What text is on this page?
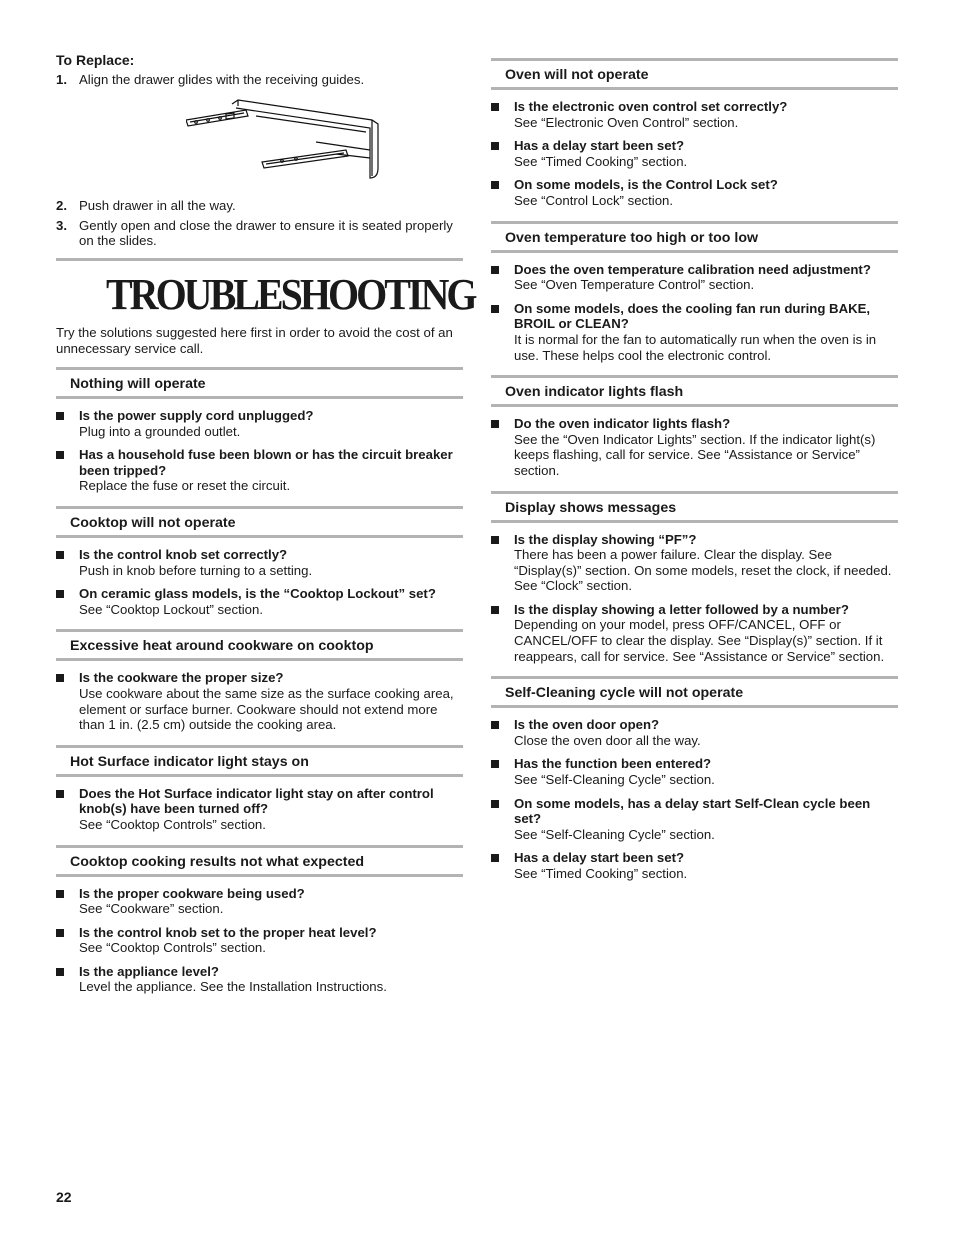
To Replace:
1. Align the drawer glides with the receiving guides.
2. Push drawer in all the way.
3. Gently open and close the drawer to ensure it is seated properly on the slides.
TROUBLESHOOTING
Try the solutions suggested here first in order to avoid the cost of an unnecessary service call.
Nothing will operate
Is the power supply cord unplugged?
Plug into a grounded outlet.
Has a household fuse been blown or has the circuit breaker been tripped?
Replace the fuse or reset the circuit.
Cooktop will not operate
Is the control knob set correctly?
Push in knob before turning to a setting.
On ceramic glass models, is the “Cooktop Lockout” set?
See “Cooktop Lockout” section.
Excessive heat around cookware on cooktop
Is the cookware the proper size?
Use cookware about the same size as the surface cooking area, element or surface burner. Cookware should not extend more than 1 in. (2.5 cm) outside the cooking area.
Hot Surface indicator light stays on
Does the Hot Surface indicator light stay on after control knob(s) have been turned off?
See “Cooktop Controls” section.
Cooktop cooking results not what expected
Is the proper cookware being used?
See “Cookware” section.
Is the control knob set to the proper heat level?
See “Cooktop Controls” section.
Is the appliance level?
Level the appliance. See the Installation Instructions.
Oven will not operate
Is the electronic oven control set correctly?
See “Electronic Oven Control” section.
Has a delay start been set?
See “Timed Cooking” section.
On some models, is the Control Lock set?
See “Control Lock” section.
Oven temperature too high or too low
Does the oven temperature calibration need adjustment?
See “Oven Temperature Control” section.
On some models, does the cooling fan run during BAKE, BROIL or CLEAN?
It is normal for the fan to automatically run when the oven is in use. These helps cool the electronic control.
Oven indicator lights flash
Do the oven indicator lights flash?
See the “Oven Indicator Lights” section. If the indicator light(s) keeps flashing, call for service. See “Assistance or Service” section.
Display shows messages
Is the display showing “PF”?
There has been a power failure. Clear the display. See “Display(s)” section. On some models, reset the clock, if needed. See “Clock” section.
Is the display showing a letter followed by a number?
Depending on your model, press OFF/CANCEL, OFF or CANCEL/OFF to clear the display. See “Display(s)” section. If it reappears, call for service. See “Assistance or Service” section.
Self-Cleaning cycle will not operate
Is the oven door open?
Close the oven door all the way.
Has the function been entered?
See “Self-Cleaning Cycle” section.
On some models, has a delay start Self-Clean cycle been set?
See “Self-Cleaning Cycle” section.
Has a delay start been set?
See “Timed Cooking” section.
22
